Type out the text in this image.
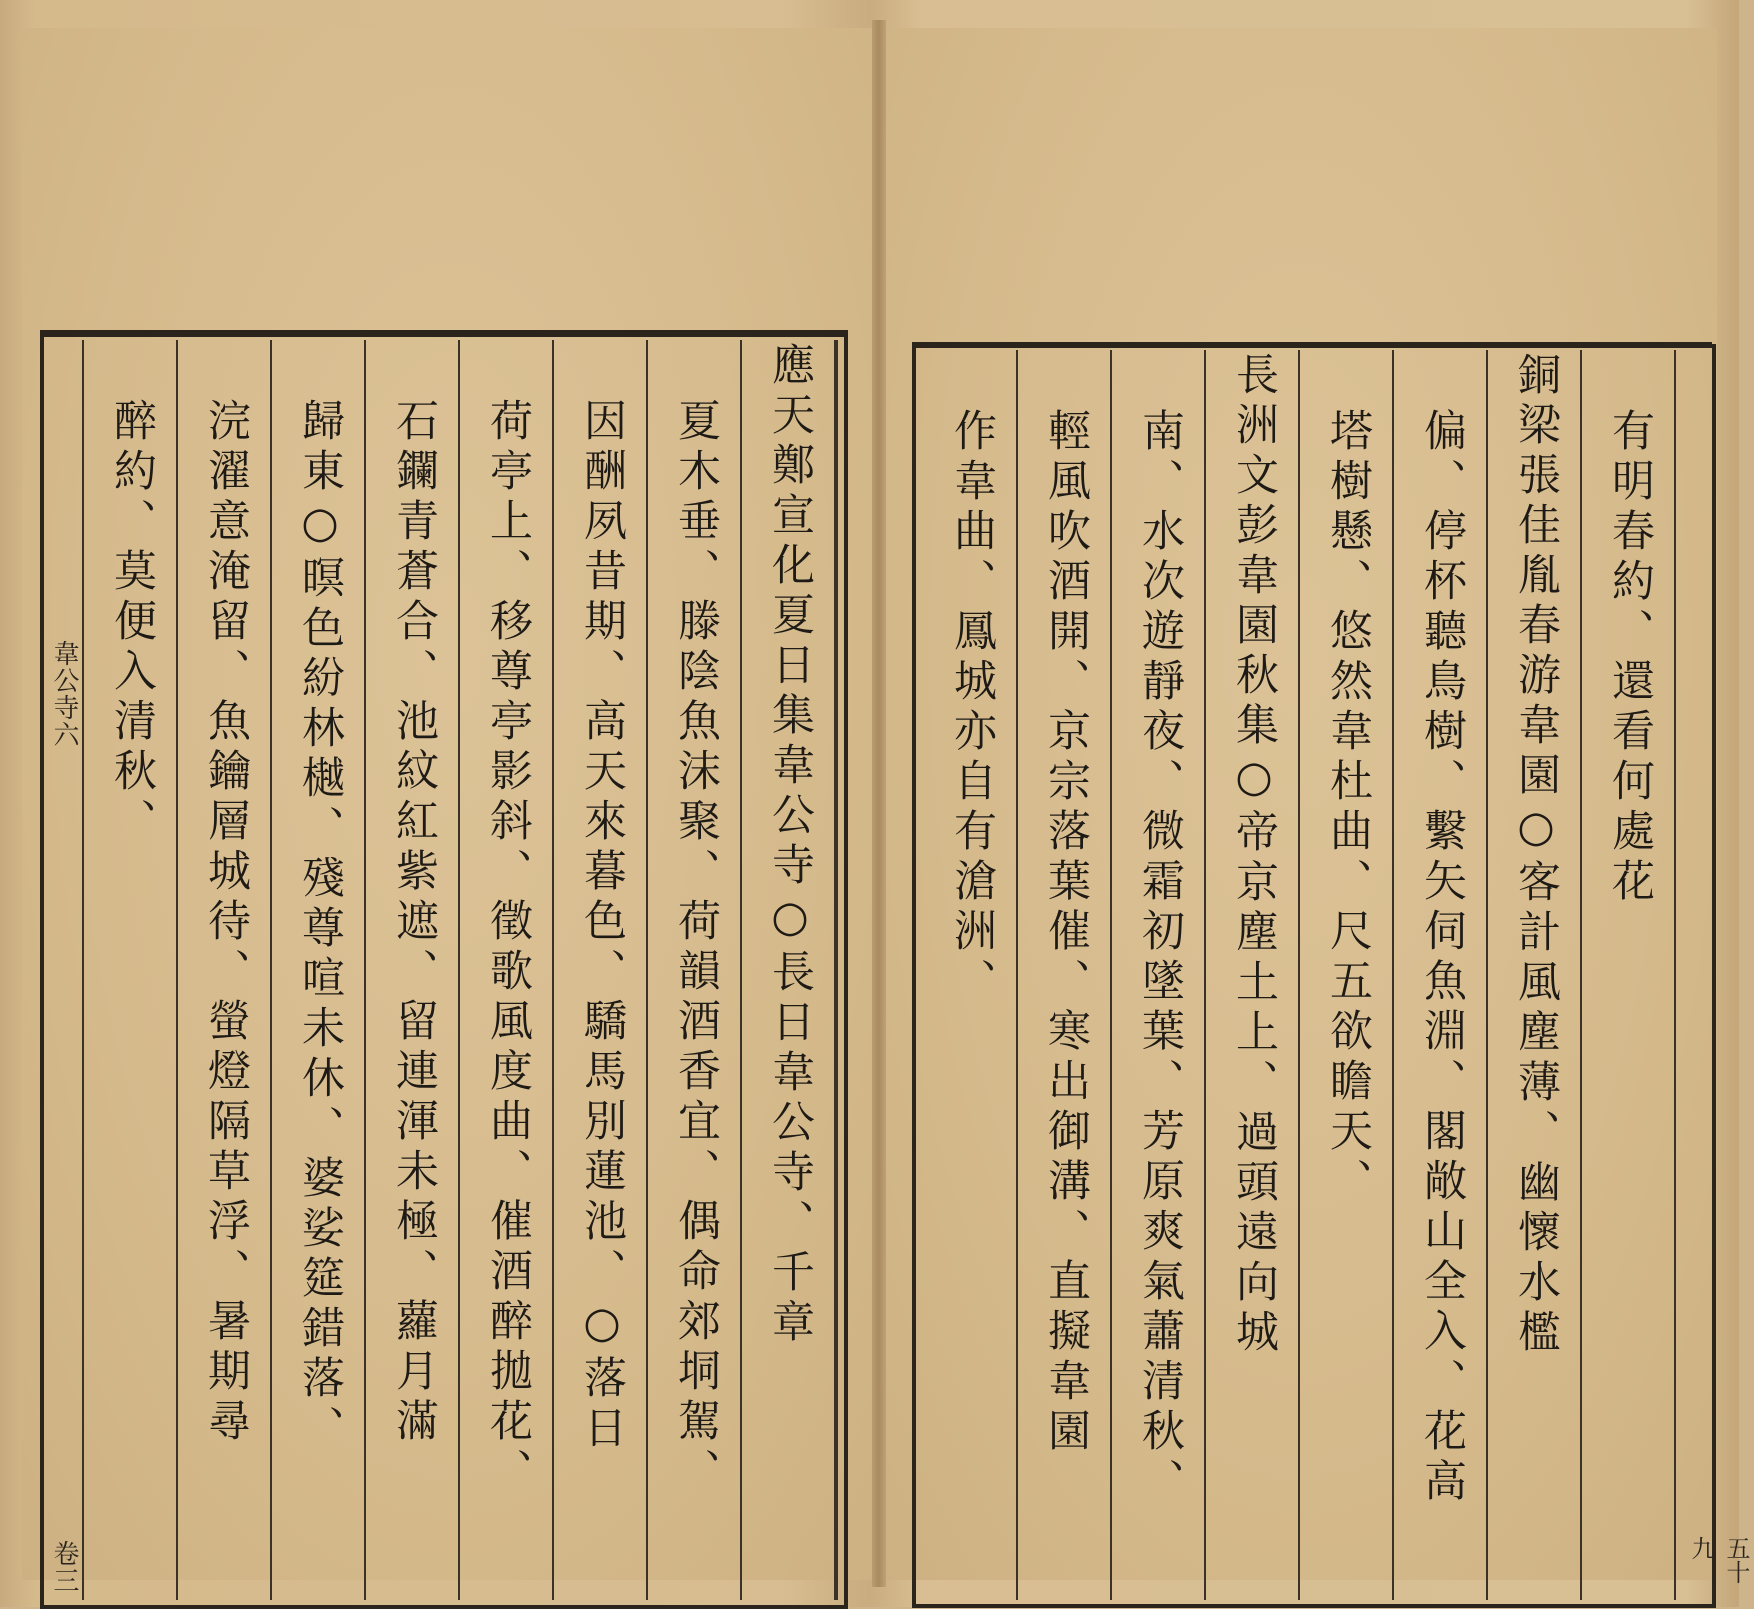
韋公寺六
卷三
應天鄭宣化夏日集韋公寺○長日韋公寺、千章
夏木垂、滕陰魚沫聚、荷韻酒香宜、偶命郊垌駕、
因酬夙昔期、高天來暮色、驕馬別蓮池、○落日
荷亭上、移尊亭影斜、徵歌風度曲、催酒醉拋花、
石鑭青蒼合、池紋紅紫遮、留連渾未極、蘿月滿
歸東○暝色紛林樾、殘尊喧未休、婆娑筵錯落、
浣濯意淹留、魚鑰層城待、螢燈隔草浮、暑期尋
醉約、莫便入清秋、
五十九
有明春約、還看何處花
銅梁張佳胤春游韋園○客計風塵薄、幽懷水檻
偏、停杯聽鳥樹、繫矢伺魚淵、閣敞山全入、花高
塔樹懸、悠然韋杜曲、尺五欲瞻天、
長洲文彭韋園秋集○帝京塵土上、過頭遠向城
南、水次遊靜夜、微霜初墜葉、芳原爽氣蕭清秋、
輕風吹酒開、京宗落葉催、寒出御溝、直擬韋園
作韋曲、鳳城亦自有滄洲、
